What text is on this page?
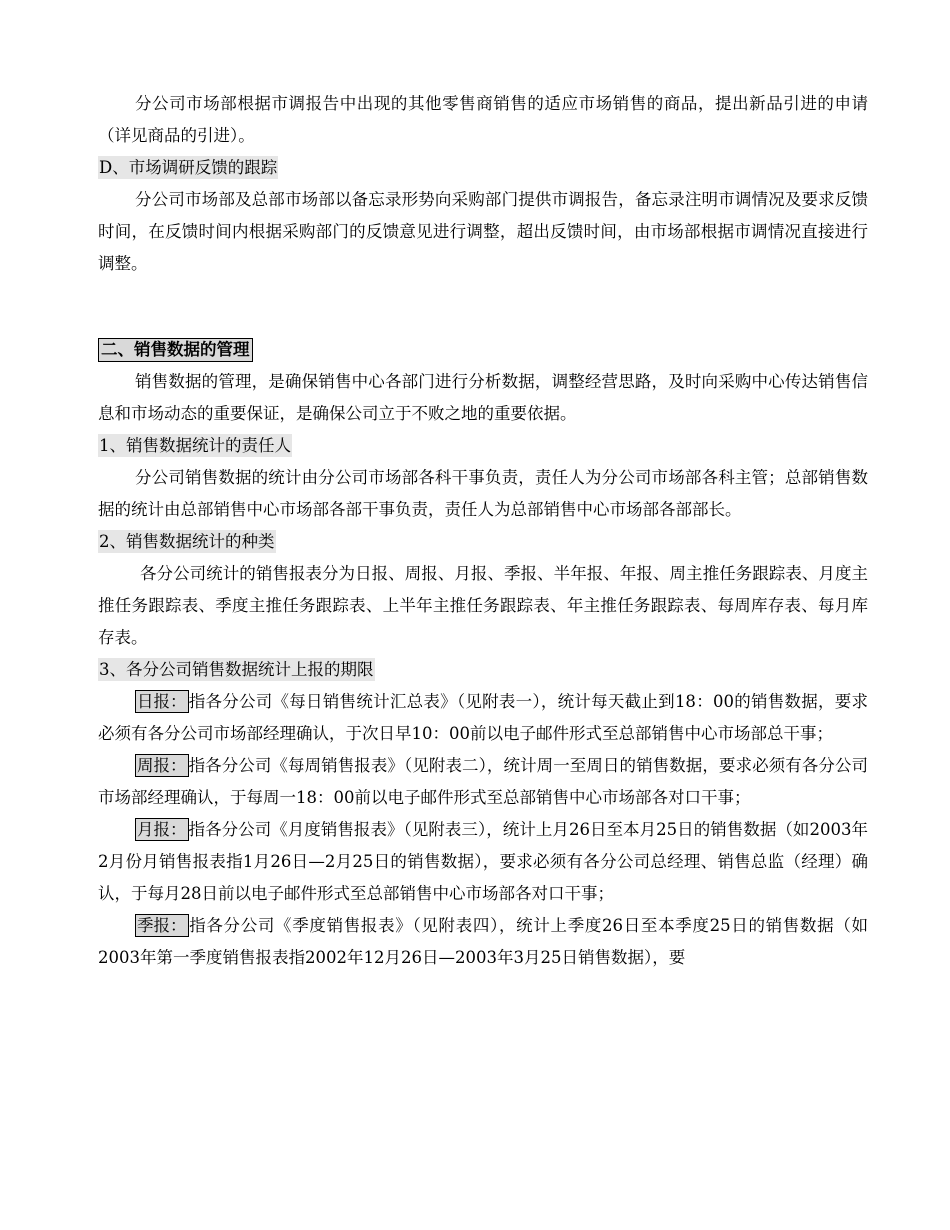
分公司市场部根据市调报告中出现的其他零售商销售的适应市场销售的商品，提出新品引进的申请（详见商品的引进）。

D、市场调研反馈的跟踪

分公司市场部及总部市场部以备忘录形势向采购部门提供市调报告，备忘录注明市调情况及要求反馈时间，在反馈时间内根据采购部门的反馈意见进行调整，超出反馈时间，由市场部根据市调情况直接进行调整。

二、销售数据的管理

销售数据的管理，是确保销售中心各部门进行分析数据，调整经营思路，及时向采购中心传达销售信息和市场动态的重要保证，是确保公司立于不败之地的重要依据。

1、销售数据统计的责任人

分公司销售数据的统计由分公司市场部各科干事负责，责任人为分公司市场部各科主管；总部销售数据的统计由总部销售中心市场部各部干事负责，责任人为总部销售中心市场部各部部长。

2、销售数据统计的种类

各分公司统计的销售报表分为日报、周报、月报、季报、半年报、年报、周主推任务跟踪表、月度主推任务跟踪表、季度主推任务跟踪表、上半年主推任务跟踪表、年主推任务跟踪表、每周库存表、每月库存表。

3、各分公司销售数据统计上报的期限

日报： 指各分公司《每日销售统计汇总表》（见附表一），统计每天截止到18：00的销售数据，要求必须有各分公司市场部经理确认，于次日早10：00前以电子邮件形式至总部销售中心市场部总干事；

周报： 指各分公司《每周销售报表》（见附表二），统计周一至周日的销售数据，要求必须有各分公司市场部经理确认，于每周一18：00前以电子邮件形式至总部销售中心市场部各对口干事；

月报： 指各分公司《月度销售报表》（见附表三），统计上月26日至本月25日的销售数据（如2003年2月份月销售报表指1月26日—2月25日的销售数据），要求必须有各分公司总经理、销售总监（经理）确认，于每月28日前以电子邮件形式至总部销售中心市场部各对口干事；

季报： 指各分公司《季度销售报表》（见附表四），统计上季度26日至本季度25日的销售数据（如2003年第一季度销售报表指2002年12月26日—2003年3月25日销售数据），要
